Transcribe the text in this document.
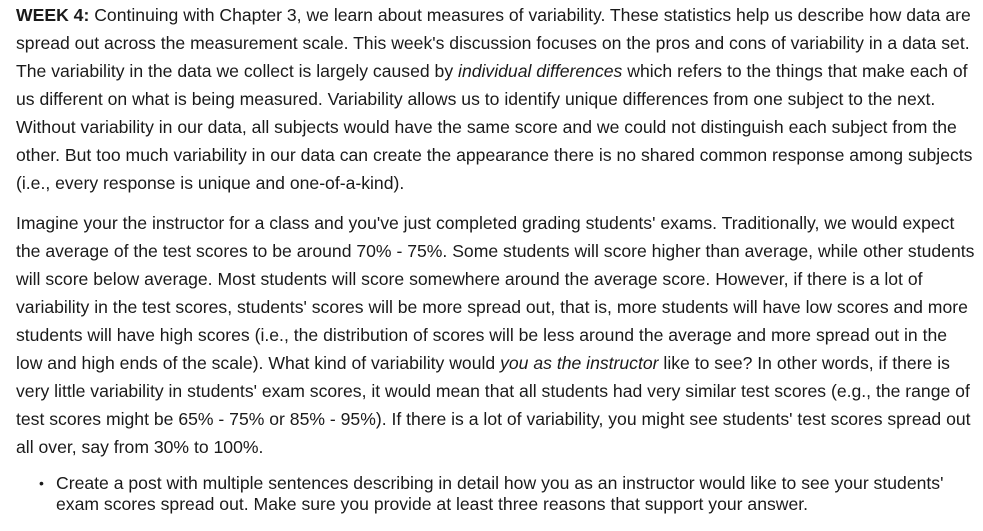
WEEK 4: Continuing with Chapter 3, we learn about measures of variability. These statistics help us describe how data are spread out across the measurement scale. This week's discussion focuses on the pros and cons of variability in a data set. The variability in the data we collect is largely caused by individual differences which refers to the things that make each of us different on what is being measured. Variability allows us to identify unique differences from one subject to the next. Without variability in our data, all subjects would have the same score and we could not distinguish each subject from the other. But too much variability in our data can create the appearance there is no shared common response among subjects (i.e., every response is unique and one-of-a-kind).

Imagine your the instructor for a class and you've just completed grading students' exams. Traditionally, we would expect the average of the test scores to be around 70% - 75%. Some students will score higher than average, while other students will score below average. Most students will score somewhere around the average score. However, if there is a lot of variability in the test scores, students' scores will be more spread out, that is, more students will have low scores and more students will have high scores (i.e., the distribution of scores will be less around the average and more spread out in the low and high ends of the scale). What kind of variability would you as the instructor like to see? In other words, if there is very little variability in students' exam scores, it would mean that all students had very similar test scores (e.g., the range of test scores might be 65% - 75% or 85% - 95%). If there is a lot of variability, you might see students' test scores spread out all over, say from 30% to 100%.

• Create a post with multiple sentences describing in detail how you as an instructor would like to see your students' exam scores spread out. Make sure you provide at least three reasons that support your answer.
